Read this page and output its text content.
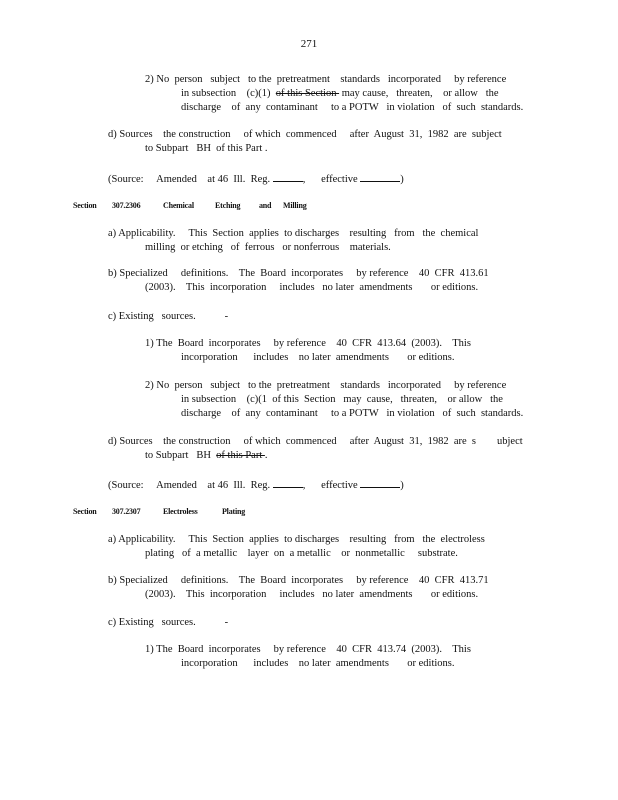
271
2) No  person   subject   to the  pretreatment    standards   incorporated     by reference
in subsection    (c)(1)  of this Section  may cause,   threaten,    or allow   the
discharge    of  any  contaminant     to a POTW   in violation   of  such  standards.
d) Sources    the construction     of which  commenced     after  August  31,  1982  are  subject
to Subpart   BH  of this Part .
(Source:     Amended    at 46  Ill.  Reg.	,      effective	)
Section 307.2306	Chemical	Etching and Milling
a) Applicability.     This  Section  applies  to discharges    resulting   from   the  chemical
milling  or etching   of  ferrous   or nonferrous    materials.
b) Specialized     definitions.    The  Board  incorporates     by reference    40  CFR  413.61
(2003).    This  incorporation     includes   no later  amendments       or editions.
c) Existing   sources.           -
1) The  Board  incorporates     by reference    40  CFR  413.64  (2003).    This
incorporation      includes    no later  amendments       or editions.
2) No  person   subject   to the  pretreatment    standards   incorporated     by reference
in subsection    (c)(1  of this  Section   may  cause,   threaten,    or allow   the
discharge    of  any  contaminant     to a POTW   in violation   of  such  standards.
d) Sources    the construction     of which  commenced     after  August  31,  1982  are  s        ubject
to Subpart   BH  of this Part .
(Source:     Amended    at 46  Ill.  Reg.	,      effective	)
Section 307.2307	Electroless	Plating
a) Applicability.     This  Section  applies  to discharges    resulting   from   the  electroless
plating   of  a metallic    layer  on  a metallic    or  nonmetallic     substrate.
b) Specialized     definitions.    The  Board  incorporates     by reference    40  CFR  413.71
(2003).    This  incorporation     includes   no later  amendments       or editions.
c) Existing   sources.           -
1) The  Board  incorporates     by reference    40  CFR  413.74  (2003).    This
incorporation      includes    no later  amendments       or editions.
